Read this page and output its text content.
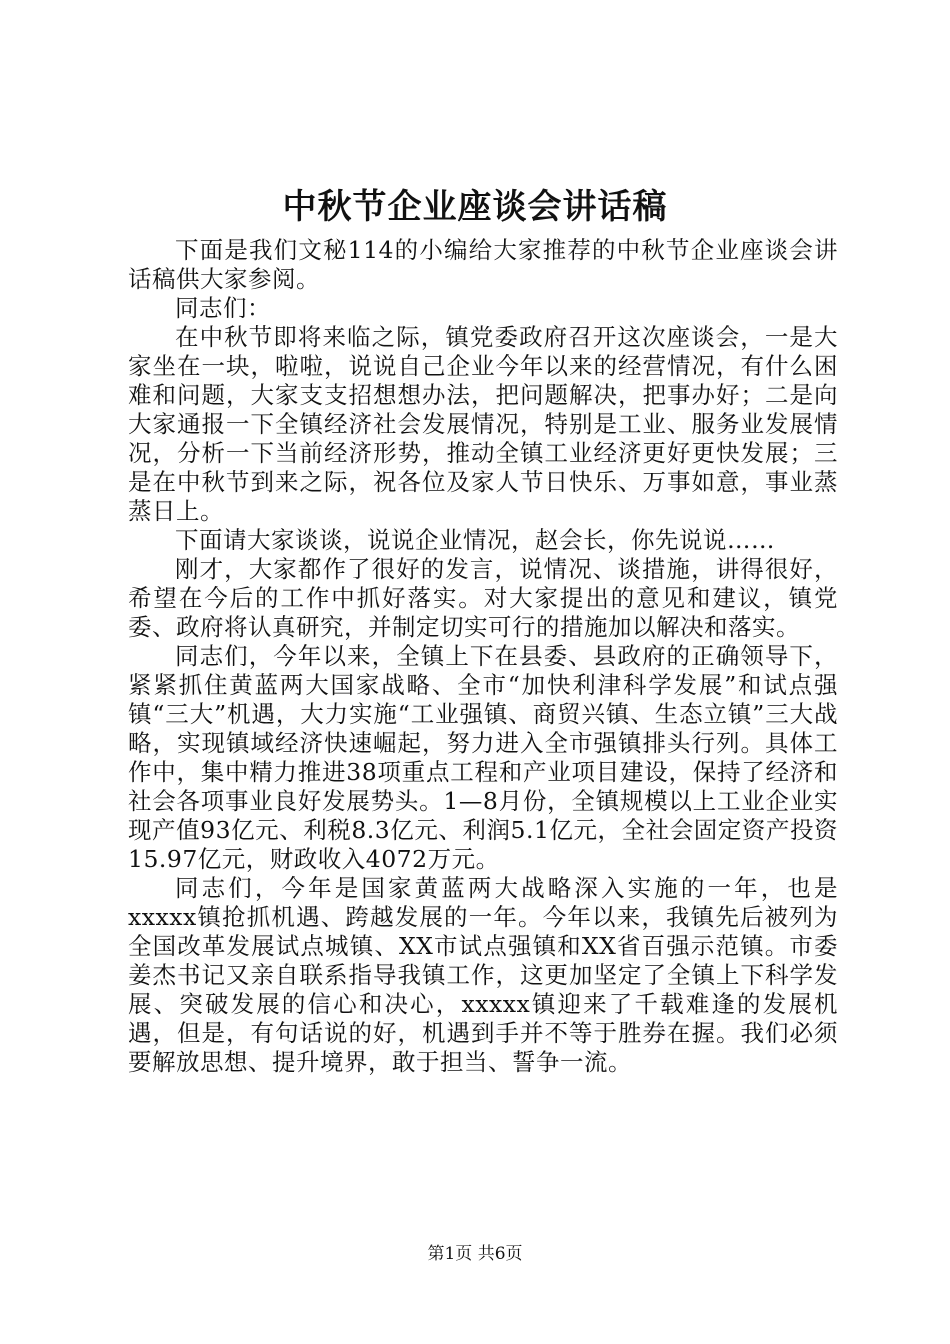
中秋节企业座谈会讲话稿

下面是我们文秘114的小编给大家推荐的中秋节企业座谈会讲话稿供大家参阅。

同志们：

在中秋节即将来临之际，镇党委政府召开这次座谈会，一是大家坐在一块，啦啦，说说自己企业今年以来的经营情况，有什么困难和问题，大家支支招想想办法，把问题解决，把事办好；二是向大家通报一下全镇经济社会发展情况，特别是工业、服务业发展情况，分析一下当前经济形势，推动全镇工业经济更好更快发展；三是在中秋节到来之际，祝各位及家人节日快乐、万事如意，事业蒸蒸日上。

下面请大家谈谈，说说企业情况，赵会长，你先说说……

刚才，大家都作了很好的发言，说情况、谈措施，讲得很好，希望在今后的工作中抓好落实。对大家提出的意见和建议，镇党委、政府将认真研究，并制定切实可行的措施加以解决和落实。

同志们，今年以来，全镇上下在县委、县政府的正确领导下，紧紧抓住黄蓝两大国家战略、全市“加快利津科学发展”和试点强镇“三大”机遇，大力实施“工业强镇、商贸兴镇、生态立镇”三大战略，实现镇域经济快速崛起，努力进入全市强镇排头行列。具体工作中，集中精力推进38项重点工程和产业项目建设，保持了经济和社会各项事业良好发展势头。1—8月份，全镇规模以上工业企业实现产值93亿元、利税8.3亿元、利润5.1亿元，全社会固定资产投资15.97亿元，财政收入4072万元。

同志们，今年是国家黄蓝两大战略深入实施的一年，也是xxxxx镇抢抓机遇、跨越发展的一年。今年以来，我镇先后被列为全国改革发展试点城镇、XX市试点强镇和XX省百强示范镇。市委姜杰书记又亲自联系指导我镇工作，这更加坚定了全镇上下科学发展、突破发展的信心和决心，xxxxx镇迎来了千载难逢的发展机遇，但是，有句话说的好，机遇到手并不等于胜券在握。我们必须要解放思想、提升境界，敢于担当、誓争一流。

第1页 共6页
